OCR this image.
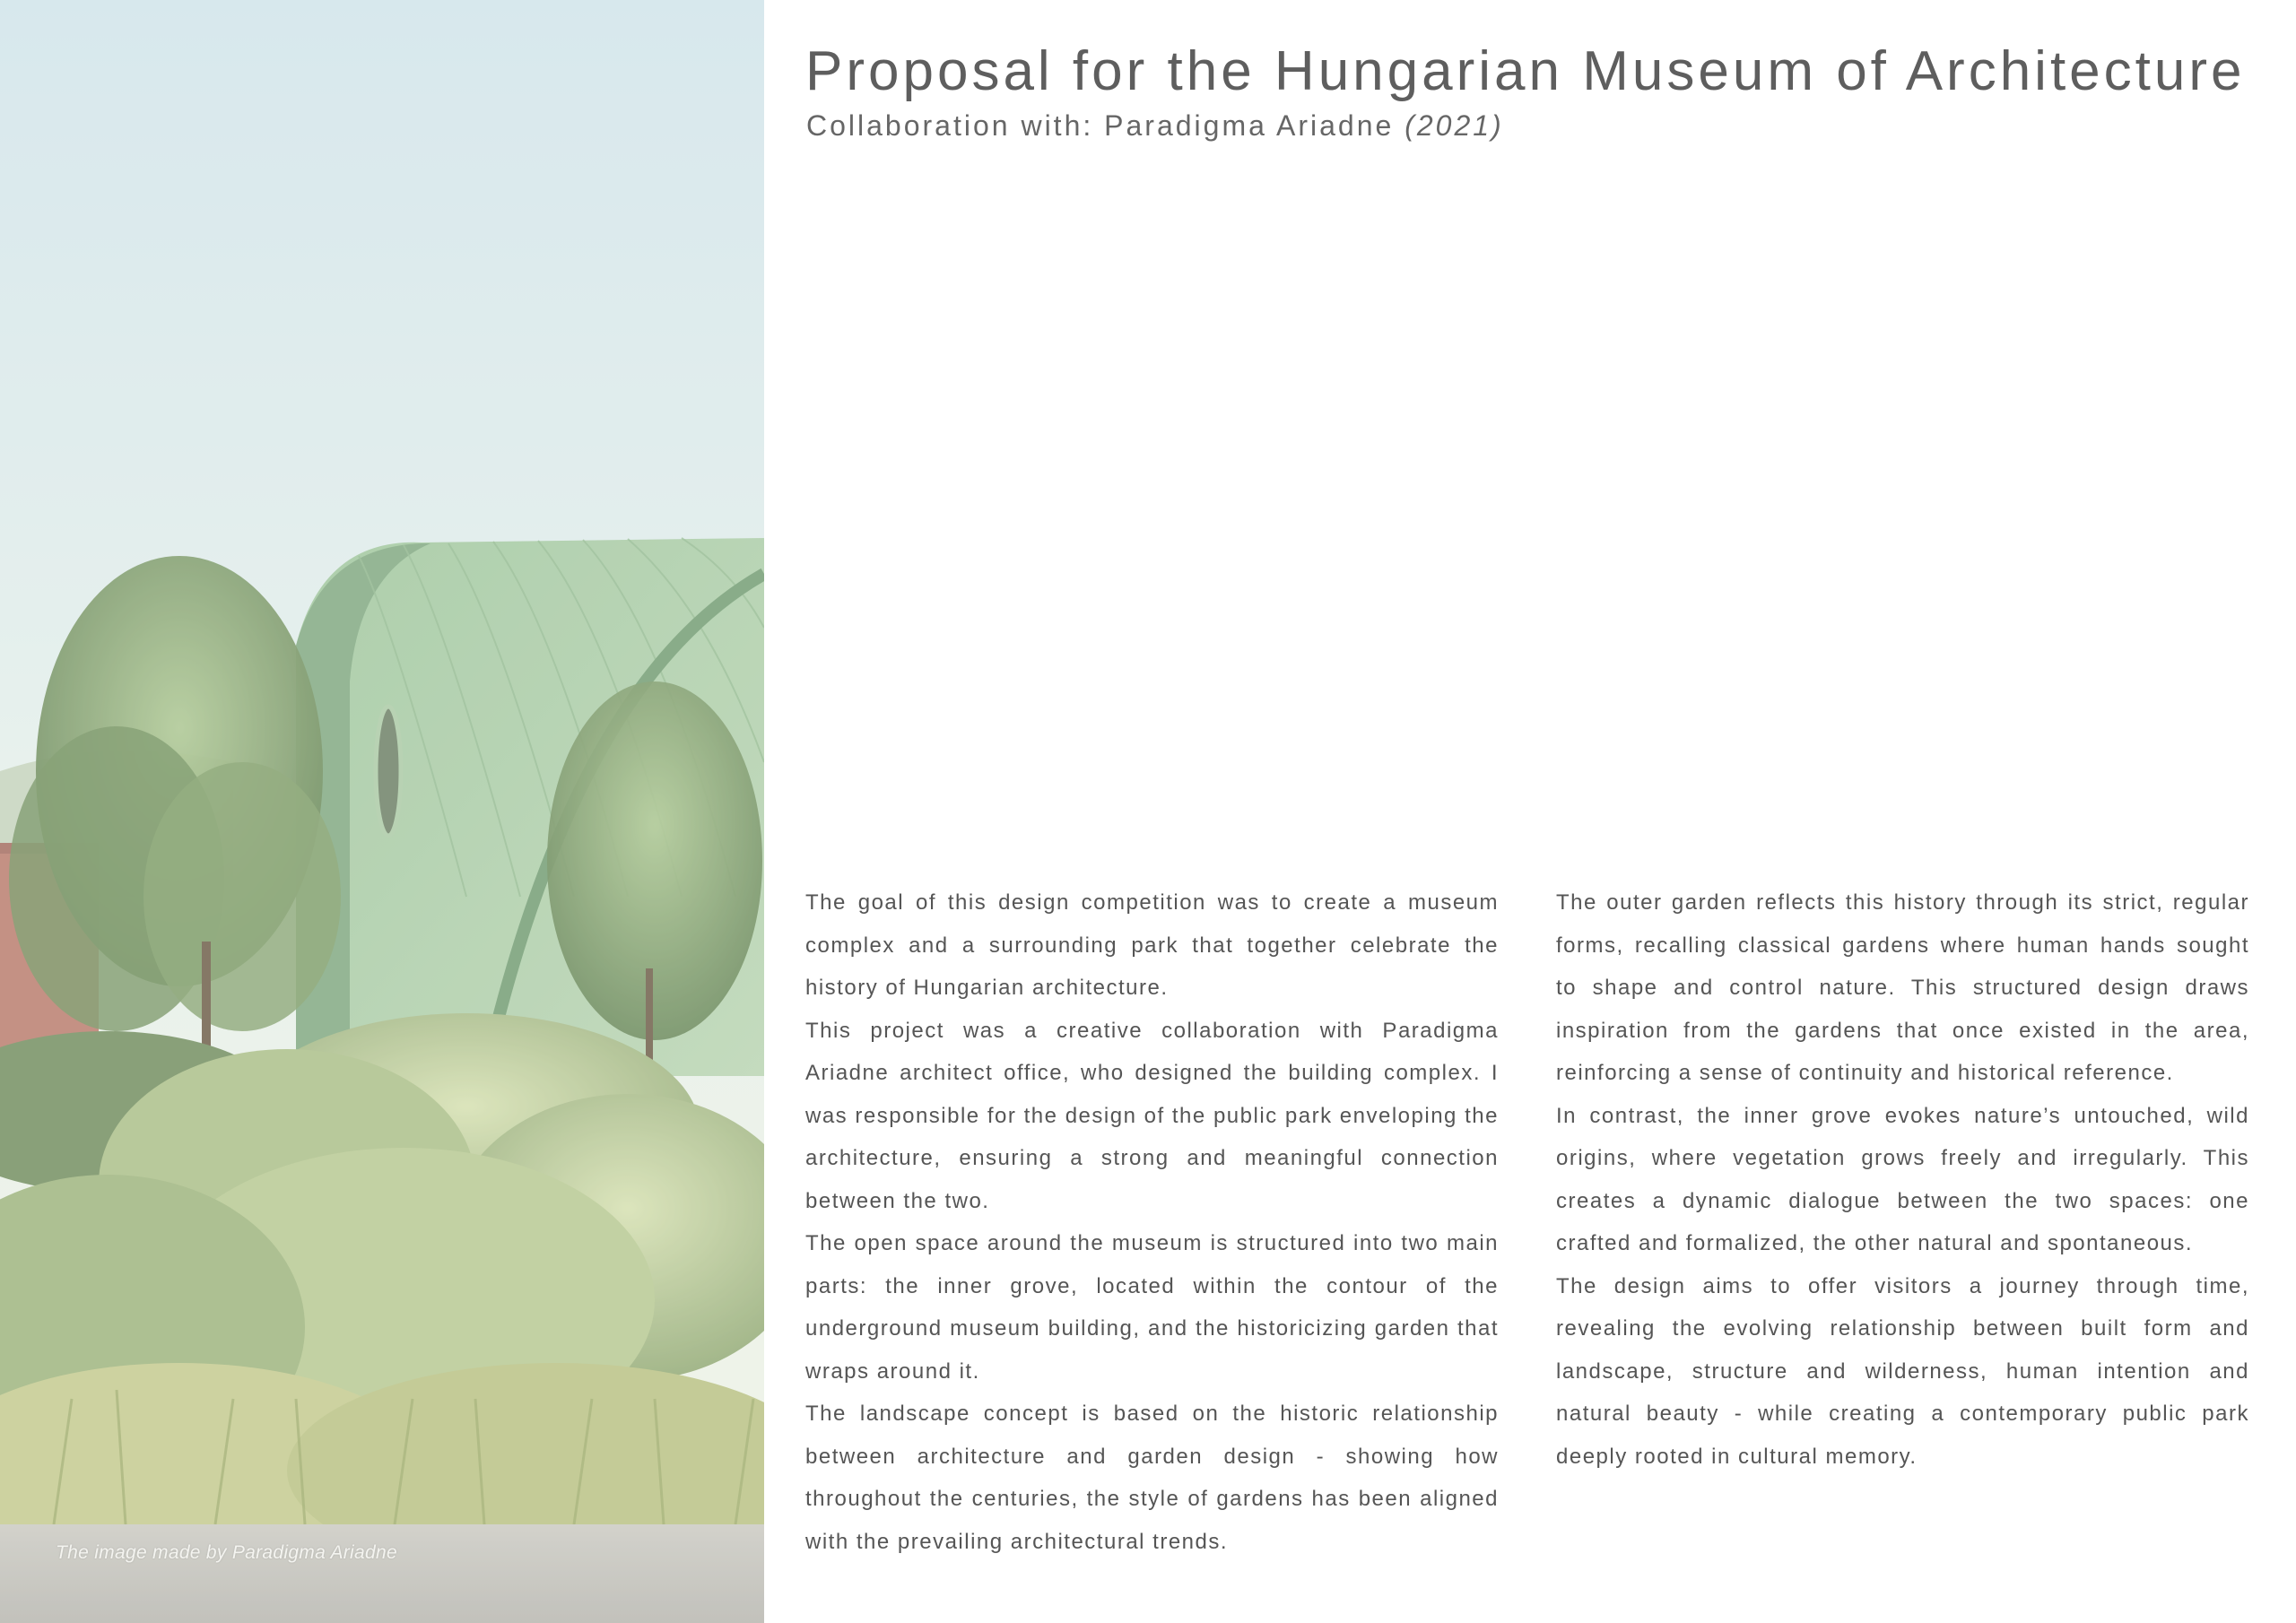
The image made by Paradigma Ariadne

Proposal for the Hungarian Museum of Architecture
Collaboration with: Paradigma Ariadne (2021)

The goal of this design competition was to create a museum complex and a surrounding park that together celebrate the history of Hungarian architecture.

This project was a creative collaboration with Paradigma Ariadne architect office, who designed the building complex. I was responsible for the design of the public park enveloping the architecture, ensuring a strong and meaningful connection between the two.

The open space around the museum is structured into two main parts: the inner grove, located within the contour of the underground museum building, and the historicizing garden that wraps around it.

The landscape concept is based on the historic relationship between architecture and garden design - showing how throughout the centuries, the style of gardens has been aligned with the prevailing architectural trends.

The outer garden reflects this history through its strict, regular forms, recalling classical gardens where human hands sought to shape and control nature. This structured design draws inspiration from the gardens that once existed in the area, reinforcing a sense of continuity and historical reference.

In contrast, the inner grove evokes nature’s untouched, wild origins, where vegetation grows freely and irregularly. This creates a dynamic dialogue between the two spaces: one crafted and formalized, the other natural and spontaneous.

The design aims to offer visitors a journey through time, revealing the evolving relationship between built form and landscape, structure and wilderness, human intention and natural beauty - while creating a contemporary public park deeply rooted in cultural memory.
